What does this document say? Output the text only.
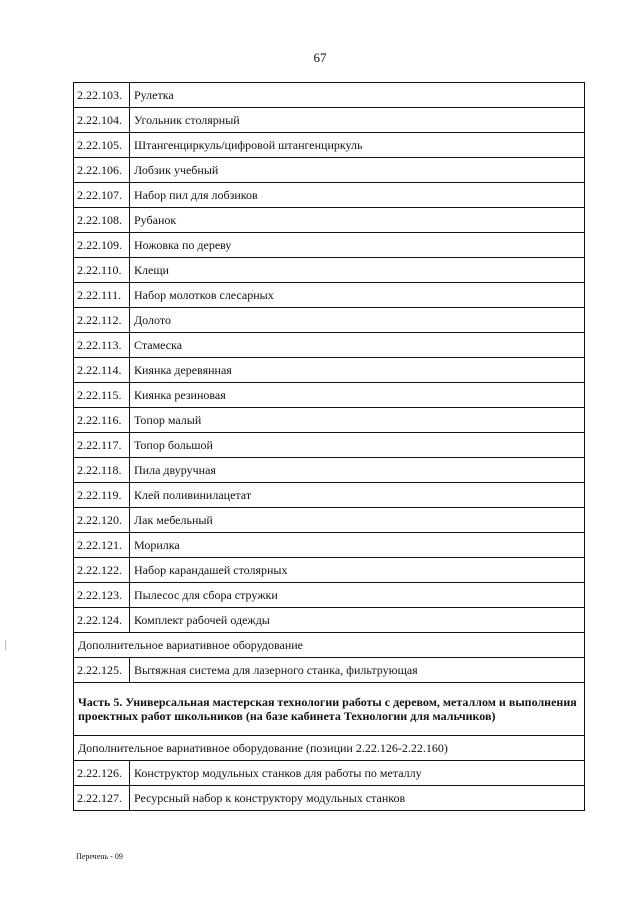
67
2.22.103.	Рулетка
2.22.104.	Угольник столярный
2.22.105.	Штангенциркуль/цифровой штангенциркуль
2.22.106.	Лобзик учебный
2.22.107.	Набор пил для лобзиков
2.22.108.	Рубанок
2.22.109.	Ножовка по дереву
2.22.110.	Клещи
2.22.111.	Набор молотков слесарных
2.22.112.	Долото
2.22.113.	Стамеска
2.22.114.	Киянка деревянная
2.22.115.	Киянка резиновая
2.22.116.	Топор малый
2.22.117.	Топор большой
2.22.118.	Пила двуручная
2.22.119.	Клей поливинилацетат
2.22.120.	Лак мебельный
2.22.121.	Морилка
2.22.122.	Набор карандашей столярных
2.22.123.	Пылесос для сбора стружки
2.22.124.	Комплект рабочей одежды
Дополнительное вариативное оборудование	
2.22.125.	Вытяжная система для лазерного станка, фильтрующая
Часть 5. Универсальная мастерская технологии работы с деревом, металлом и выполнения проектных работ школьников (на базе кабинета Технологии для мальчиков)	
Дополнительное вариативное оборудование (позиции 2.22.126-2.22.160)	
2.22.126.	Конструктор модульных станков для работы по металлу
2.22.127.	Ресурсный набор к конструктору модульных станков
Перечень - 09
